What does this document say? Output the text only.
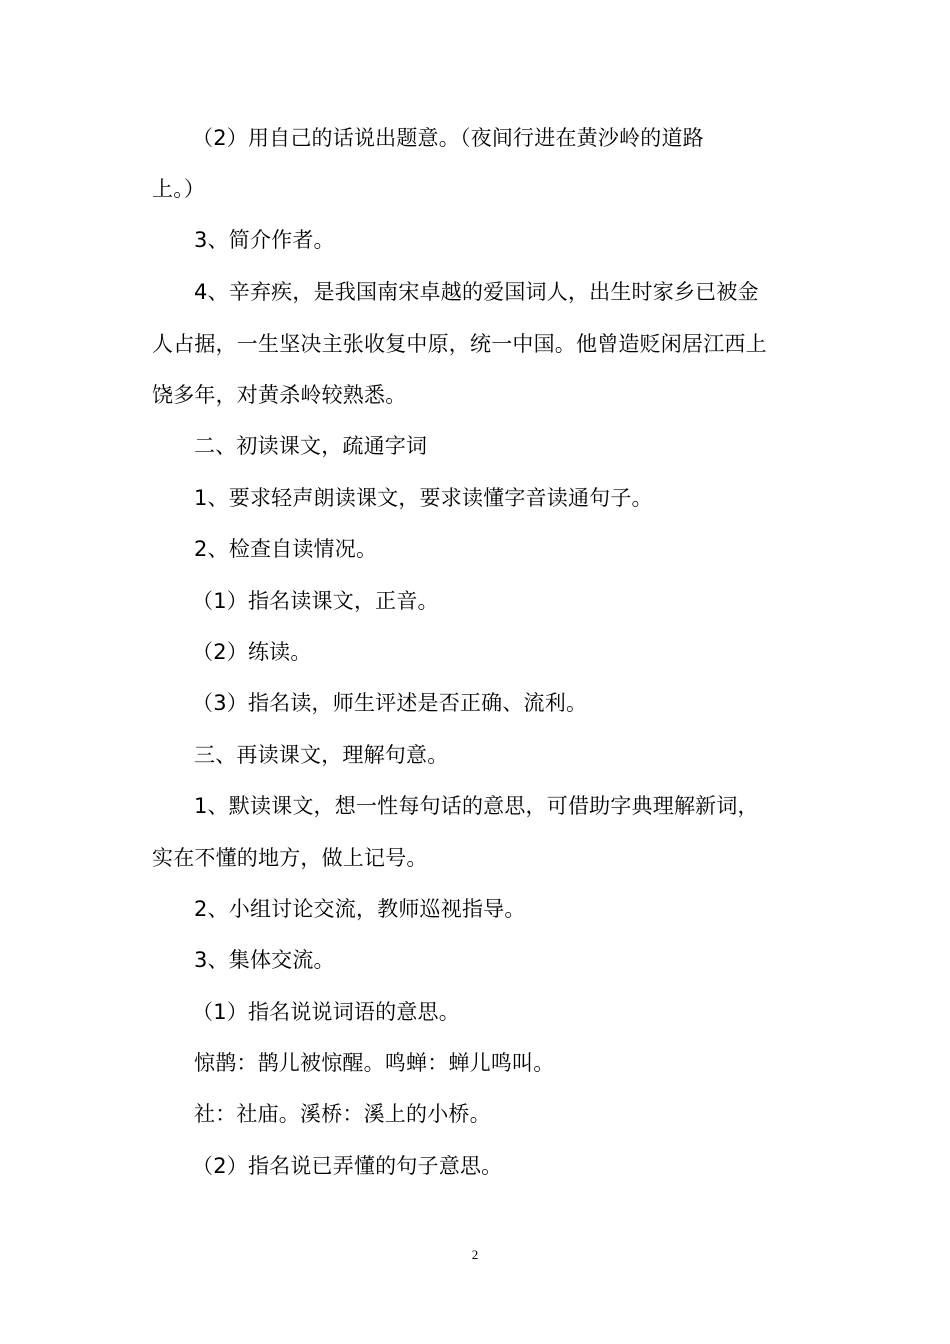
（2）用自己的话说出题意。（夜间行进在黄沙岭的道路
上。）
3、简介作者。
4、辛弃疾，是我国南宋卓越的爱国词人，出生时家乡已被金
人占据，一生坚决主张收复中原，统一中国。他曾造贬闲居江西上
饶多年，对黄杀岭较熟悉。
二、初读课文，疏通字词
1、要求轻声朗读课文，要求读懂字音读通句子。
2、检查自读情况。
（1）指名读课文，正音。
（2）练读。
（3）指名读，师生评述是否正确、流利。
三、再读课文，理解句意。
1、默读课文，想一性每句话的意思，可借助字典理解新词，
实在不懂的地方，做上记号。
2、小组讨论交流，教师巡视指导。
3、集体交流。
（1）指名说说词语的意思。
惊鹊：鹊儿被惊醒。鸣蝉：蝉儿鸣叫。
社：社庙。溪桥：溪上的小桥。
（2）指名说已弄懂的句子意思。
2
